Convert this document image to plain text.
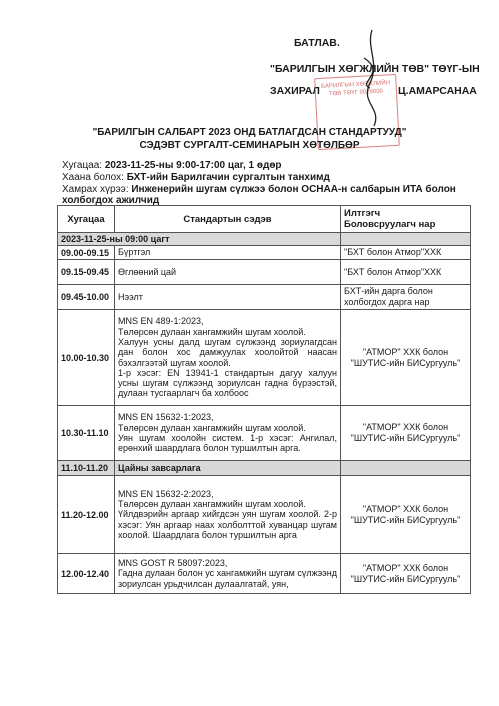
БАТЛАВ.
"БАРИЛГЫН ХӨГЖЛИЙН ТӨВ" ТӨҮГ-ЫН
ЗАХИРАЛ	Ц.АМАРСАНАА
БАРИЛГЫН ХӨГЖЛИЙН ТӨВ ТӨҮГ 9029000
"БАРИЛГЫН САЛБАРТ 2023 ОНД БАТЛАГДСАН СТАНДАРТУУД"
СЭДЭВТ СУРГАЛТ-СЕМИНАРЫН ХӨТӨЛБӨР
Хугацаа: 2023-11-25-ны 9:00-17:00 цаг, 1 өдөр
Хаана болох: БХТ-ийн Барилгачин сургалтын танхимд
Хамрах хүрээ: Инженерийн шугам сүлжээ болон ОСНАА-н салбарын ИТА болон
холбогдох ажилчид
Хугацаа	Стандартын сэдэв	Илтгэгч
Боловсруулагч нар

2023-11-25-ны 09:00 цагт		
09.00-09.15	Бүртгэл	"БХТ болон Атмор"ХХК

09.15-09.45	Өглөөний цай	"БХТ болон Атмор"ХХК

09.45-10.00	Нээлт	БХТ-ийн дарга болон
холбогдох дарга нар

10.00-10.30	MNS EN 489-1:2023,
Төлөрсөн дулаан хангамжийн шугам хоолой.
Халуун усны далд шугам сүлжээнд зориулагдсан дан болон хос дамжуулах хоолойтой наасан бэхэлгээтэй шугам хоолой.
1-р хэсэг: EN 13941-1 стандартын дагуу халуун усны шугам сүлжээнд зориулсан гадна бүрээстэй, дулаан тусгаарлагч ба холбоос	"АТМОР" ХХК болон
"ШУТИС-ийн БИСургууль"

10.30-11.10	MNS EN 15632-1:2023,
Төлөрсөн дулаан хангамжийн шугам хоолой.
Уян шугам хоолойн систем. 1-р хэсэг: Ангилал, ерөнхий шаардлага болон туршилтын арга.	"АТМОР" ХХК болон
"ШУТИС-ийн БИСургууль"

11.10-11.20	Цайны завсарлага	

11.20-12.00	MNS EN 15632-2:2023,
Төлөрсөн дулаан хангамжийн шугам хоолой.
Үйлдвэрийн аргаар хийгдсэн уян шугам хоолой. 2-р хэсэг: Уян аргаар наах холболттой хуванцар шугам хоолой. Шаардлага болон туршилтын арга	"АТМОР" ХХК болон
"ШУТИС-ийн БИСургууль"

12.00-12.40	MNS GOST R 58097:2023,
Гадна дулаан болон ус хангамжийн шугам сүлжээнд зориулсан урьдчилсан дулаалгатай, уян,	"АТМОР" ХХК болон
"ШУТИС-ийн БИСургууль"
